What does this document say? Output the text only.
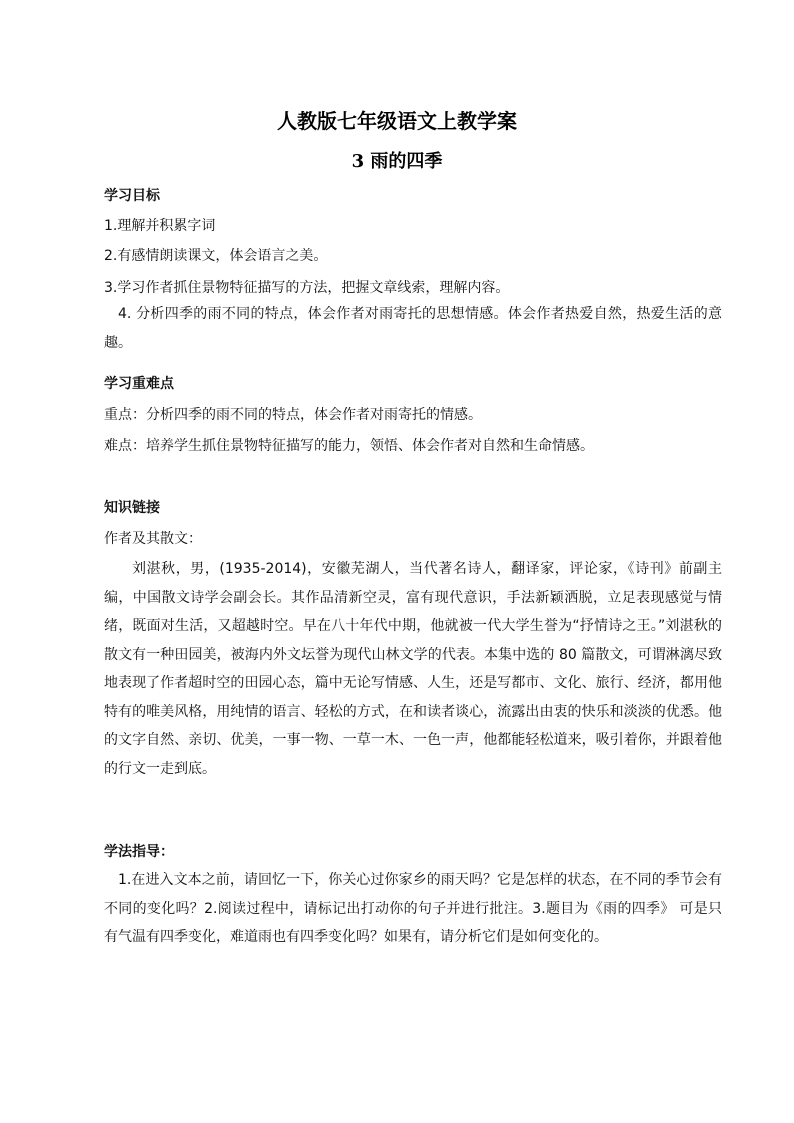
人教版七年级语文上教学案
3 雨的四季
学习目标
1.理解并积累字词
2.有感情朗读课文，体会语言之美。
3.学习作者抓住景物特征描写的方法，把握文章线索，理解内容。
4. 分析四季的雨不同的特点，体会作者对雨寄托的思想情感。体会作者热爱自然，热爱生活的意趣。
学习重难点
重点：分析四季的雨不同的特点，体会作者对雨寄托的情感。
难点：培养学生抓住景物特征描写的能力，领悟、体会作者对自然和生命情感。
知识链接
作者及其散文：
刘湛秋，男，(1935-2014)，安徽芜湖人，当代著名诗人，翻译家，评论家，《诗刊》前副主编，中国散文诗学会副会长。其作品清新空灵，富有现代意识，手法新颖洒脱，立足表现感觉与情绪，既面对生活，又超越时空。早在八十年代中期，他就被一代大学生誉为“抒情诗之王。”刘湛秋的散文有一种田园美，被海内外文坛誉为现代山林文学的代表。本集中选的 80 篇散文，可谓淋漓尽致地表现了作者超时空的田园心态，篇中无论写情感、人生，还是写都市、文化、旅行、经济，都用他特有的唯美风格，用纯情的语言、轻松的方式，在和读者谈心，流露出由衷的快乐和淡淡的优悉。他的文字自然、亲切、优美，一事一物、一草一木、一色一声，他都能轻松道来，吸引着你，并跟着他的行文一走到底。
学法指导：
1.在进入文本之前，请回忆一下，你关心过你家乡的雨天吗？它是怎样的状态，在不同的季节会有不同的变化吗？2.阅读过程中，请标记出打动你的句子并进行批注。3.题目为《雨的四季》 可是只有气温有四季变化，难道雨也有四季变化吗？如果有，请分析它们是如何变化的。
